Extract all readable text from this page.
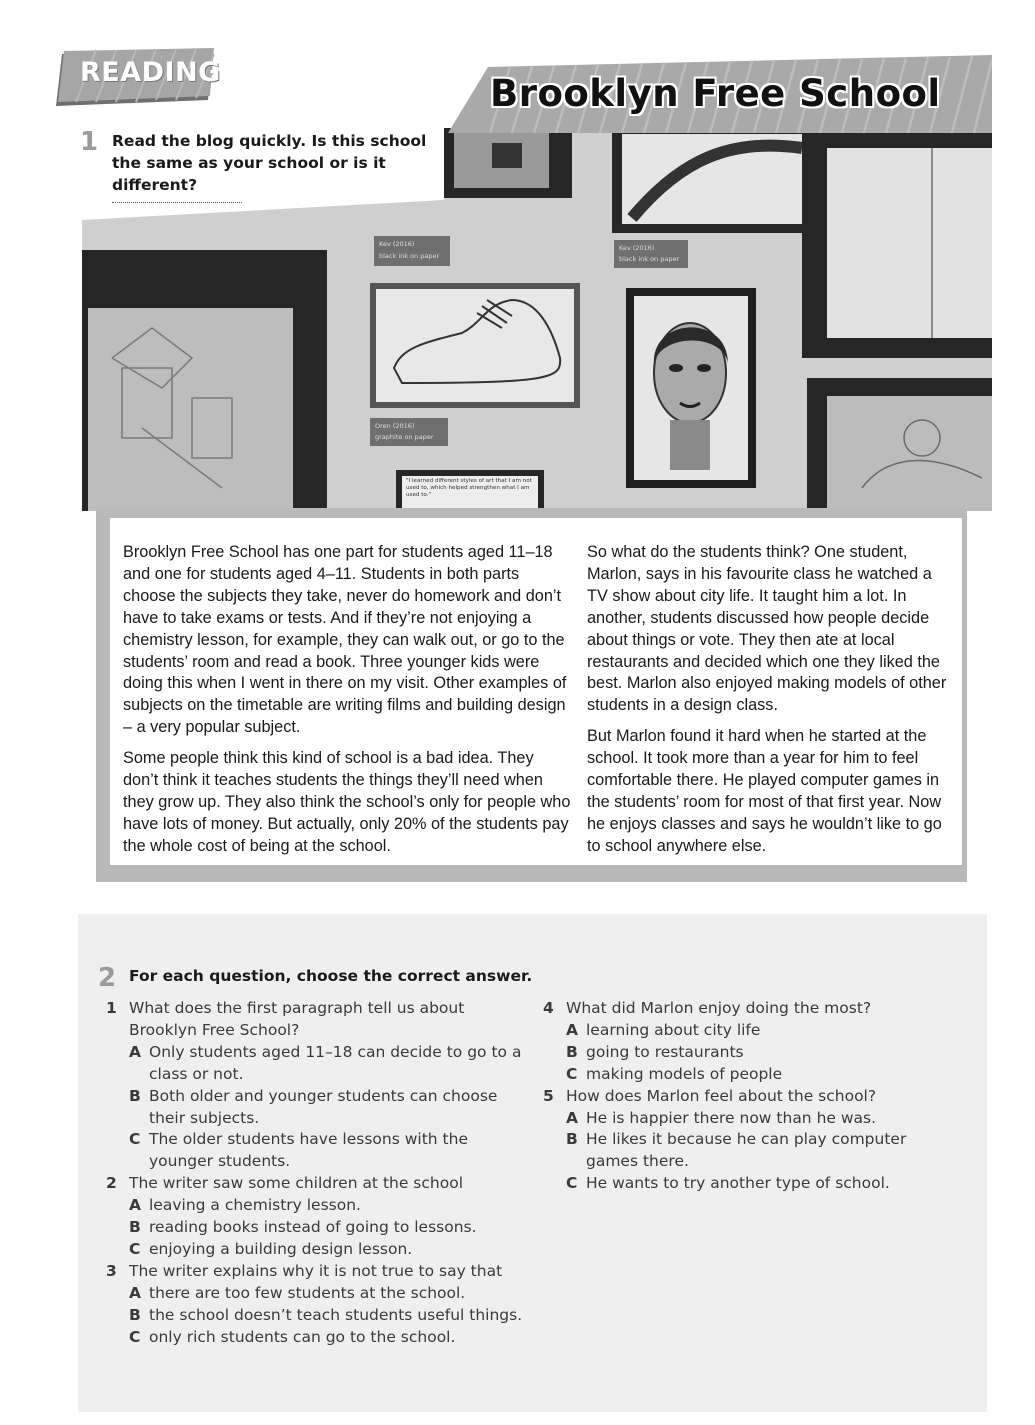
READING
Kev (2016)
black ink on paper
Kev (2016)
black ink on paper
Oren (2016)
graphite on paper
"I learned different styles of art that I am not used to, which helped strengthen what I am used to."
Brooklyn Free School
1 Read the blog quickly. Is this school the same as your school or is it different?

Brooklyn Free School has one part for students aged 11–18 and one for students aged 4–11. Students in both parts choose the subjects they take, never do homework and don’t have to take exams or tests. And if they’re not enjoying a chemistry lesson, for example, they can walk out, or go to the students’ room and read a book. Three younger kids were doing this when I went in there on my visit. Other examples of subjects on the timetable are writing films and building design – a very popular subject.

Some people think this kind of school is a bad idea. They don’t think it teaches students the things they’ll need when they grow up. They also think the school’s only for people who have lots of money. But actually, only 20% of the students pay the whole cost of being at the school.

So what do the students think? One student, Marlon, says in his favourite class he watched a TV show about city life. It taught him a lot. In another, students discussed how people decide about things or vote. They then ate at local restaurants and decided which one they liked the best. Marlon also enjoyed making models of other students in a design class.

But Marlon found it hard when he started at the school. It took more than a year for him to feel comfortable there. He played computer games in the students’ room for most of that first year. Now he enjoys classes and says he wouldn’t like to go to school anywhere else.

2 For each question, choose the correct answer.
1 What does the first paragraph tell us about Brooklyn Free School?
A Only students aged 11–18 can decide to go to a class or not.
B Both older and younger students can choose their subjects.
C The older students have lessons with the younger students.
2 The writer saw some children at the school
A leaving a chemistry lesson.
B reading books instead of going to lessons.
C enjoying a building design lesson.
3 The writer explains why it is not true to say that
A there are too few students at the school.
B the school doesn’t teach students useful things.
C only rich students can go to the school.
4 What did Marlon enjoy doing the most?
A learning about city life
B going to restaurants
C making models of people
5 How does Marlon feel about the school?
A He is happier there now than he was.
B He likes it because he can play computer games there.
C He wants to try another type of school.
